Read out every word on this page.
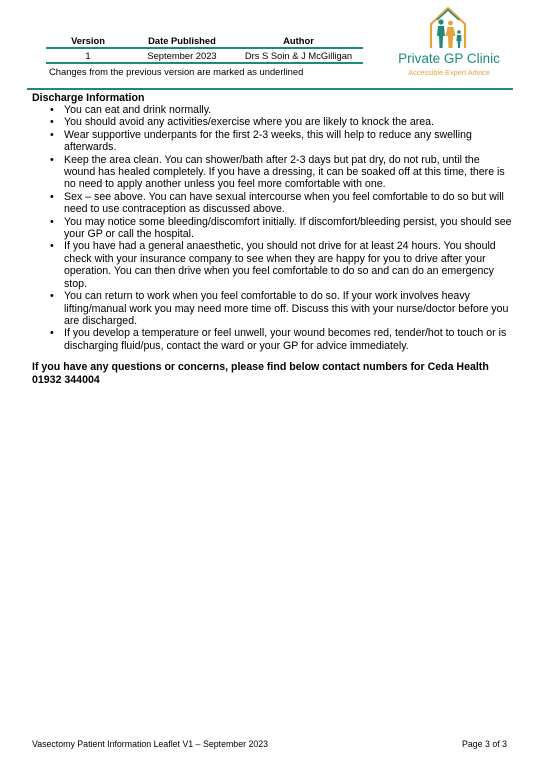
Version	Date Published	Author
1	September 2023	Drs S Soin & J McGilligan
Changes from the previous version are marked as underlined
Private GP Clinic
Accessible Expert Advice

Discharge Information

• You can eat and drink normally.
• You should avoid any activities/exercise where you are likely to knock the area.
• Wear supportive underpants for the first 2-3 weeks, this will help to reduce any swelling afterwards.
• Keep the area clean. You can shower/bath after 2-3 days but pat dry, do not rub, until the wound has healed completely. If you have a dressing, it can be soaked off at this time, there is no need to apply another unless you feel more comfortable with one.
• Sex – see above. You can have sexual intercourse when you feel comfortable to do so but will need to use contraception as discussed above.
• You may notice some bleeding/discomfort initially. If discomfort/bleeding persist, you should see your GP or call the hospital.
• If you have had a general anaesthetic, you should not drive for at least 24 hours. You should check with your insurance company to see when they are happy for you to drive after your operation. You can then drive when you feel comfortable to do so and can do an emergency stop.
• You can return to work when you feel comfortable to do so. If your work involves heavy lifting/manual work you may need more time off. Discuss this with your nurse/doctor before you are discharged.
• If you develop a temperature or feel unwell, your wound becomes red, tender/hot to touch or is discharging fluid/pus, contact the ward or your GP for advice immediately.
If you have any questions or concerns, please find below contact numbers for Ceda Health
01932 344004
Vasectomy Patient Information Leaflet V1 – September 2023	Page 3 of 3
